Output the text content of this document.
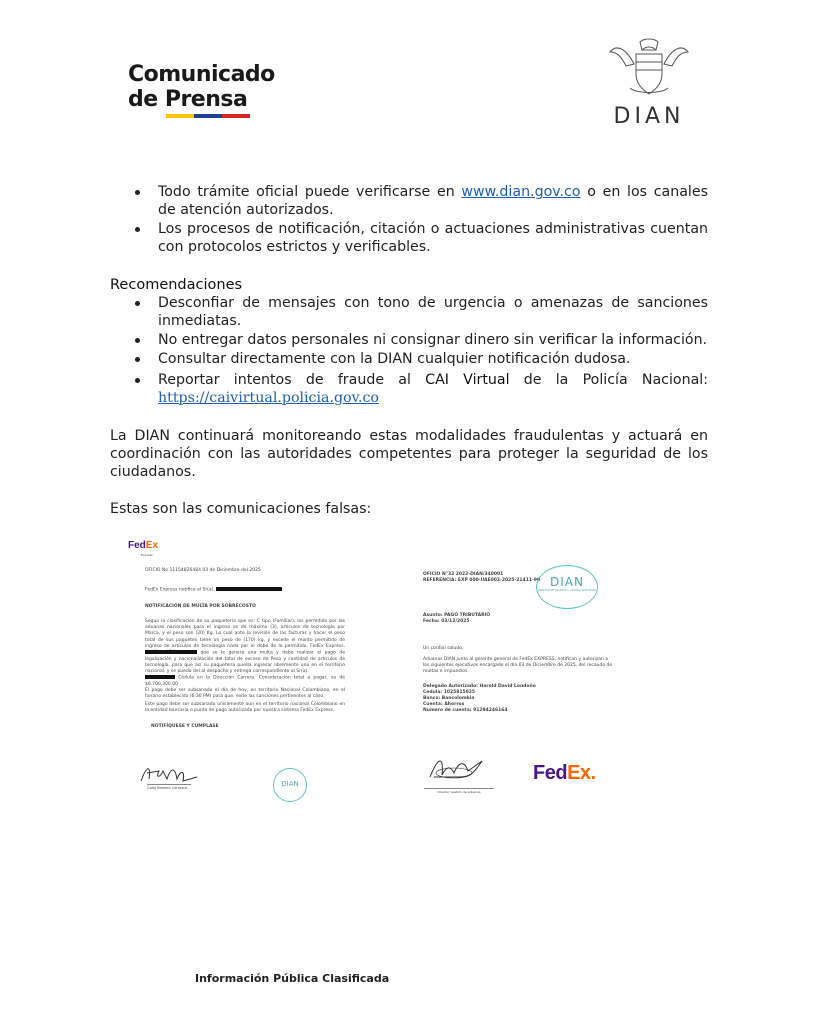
Comunicado
de Prensa
DIAN
Todo trámite oficial puede verificarse en www.dian.gov.co o en los canales de atención autorizados.
Los procesos de notificación, citación o actuaciones administrativas cuentan con protocolos estrictos y verificables.
Recomendaciones
Desconfiar de mensajes con tono de urgencia o amenazas de sanciones inmediatas.
No entregar datos personales ni consignar dinero sin verificar la información.
Consultar directamente con la DIAN cualquier notificación dudosa.
Reportar intentos de fraude al CAI Virtual de la Policía Nacional: https://caivirtual.policia.gov.co

La DIAN continuará monitoreando estas modalidades fraudulentas y actuará en coordinación con las autoridades competentes para proteger la seguridad de los ciudadanos.

Estas son las comunicaciones falsas:

FedEx
Express
OFICIO No 11154826484 03 de Diciembre del 2025
FedEx Express notifica al Sr(a).
NOTIFICACIÓN DE MULTA POR SOBRECOSTO
Según la clasificación de su paquetería que es: C tipo (Familiar), los permitido por las aduanas nacionales para el ingreso es de máximo (3), artículos de tecnología por Marca, y el peso son (20) Kg. Lo cual ante la revisión de las facturas y hacer el peso total de sus paquetes tiene un peso de (170) kg, y excede el monto permitido de ingreso de artículos de tecnología nada por el debe de lo permitido. FedEx Express.
que se le genera una multa y debe realizar el pago de legalización y nacionalización del total de exceso de Peso y cantidad de artículos de tecnología, para que así su paquetería pueda ingresar libremente una en el territorio nacional, y se pueda del al despacho y entrega correspondiente al Sr(a).
Cédula en la Dirección Carrera. Consideración total a pagar, es de $6.700.300.00
El pago debe ser subsanado el día de hoy, en territorio Nacional Colombiano, en el horario establecido (6:30 PM) para que, evite las sanciones pertinentes al caso.
Este pago debe ser subsanado únicamente aun en el territorio nacional Colombiano en la entidad bancaria o punto de pago autorizado por nuestra sistema FedEx Express.
NOTIFÍQUESE Y CÚMPLASE
Carol Romero Carrasco	DIAN
OFICIO N°32 2022-DIAN/340001
REFERENCIA: EXP 000-UAE002-2025-21411-90 DIAN
DIRECCIÓN DE IMPUESTOS Y ADUANAS NACIONALES
Asunto: PAGO TRIBUTARIO
Fecha: 03/12/2025
Un cordial saludo,
Aduanas DIAN junto al gerente general de FedEx EXPRESS, notifican y autorizan a los siguientes ejecutivos encargado el día 03 de Diciembre de 2025, del recaudo de multas e impuestos.
Delegado Autorizado: Harold David Londoño
Cedula: 1025815025
Banco: Bancolombia
Cuenta: Ahorros
Numero de cuenta: 91294246164
Director Gestión de Aduanas
FedEx.
Información Pública Clasificada
